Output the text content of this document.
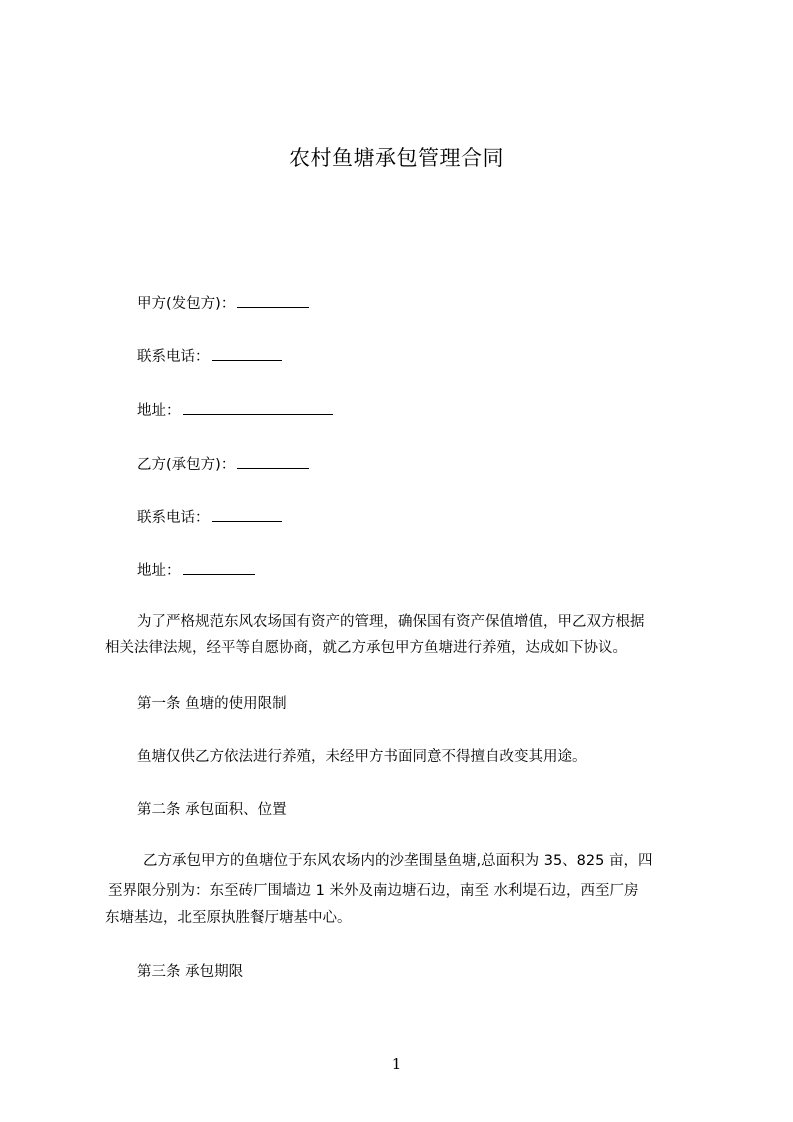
农村鱼塘承包管理合同
甲方(发包方)：
联系电话：
地址：
乙方(承包方)：
联系电话：
地址：
为了严格规范东风农场国有资产的管理，确保国有资产保值增值，甲乙双方根据
相关法律法规，经平等自愿协商，就乙方承包甲方鱼塘进行养殖，达成如下协议。
第一条 鱼塘的使用限制
鱼塘仅供乙方依法进行养殖，未经甲方书面同意不得擅自改变其用途。
第二条 承包面积、位置
乙方承包甲方的鱼塘位于东风农场内的沙垄围垦鱼塘,总面积为 35、825 亩，四
至界限分别为：东至砖厂围墙边 1 米外及南边塘石边，南至 水利堤石边，西至厂房
东塘基边，北至原执胜餐厅塘基中心。
第三条 承包期限
1
